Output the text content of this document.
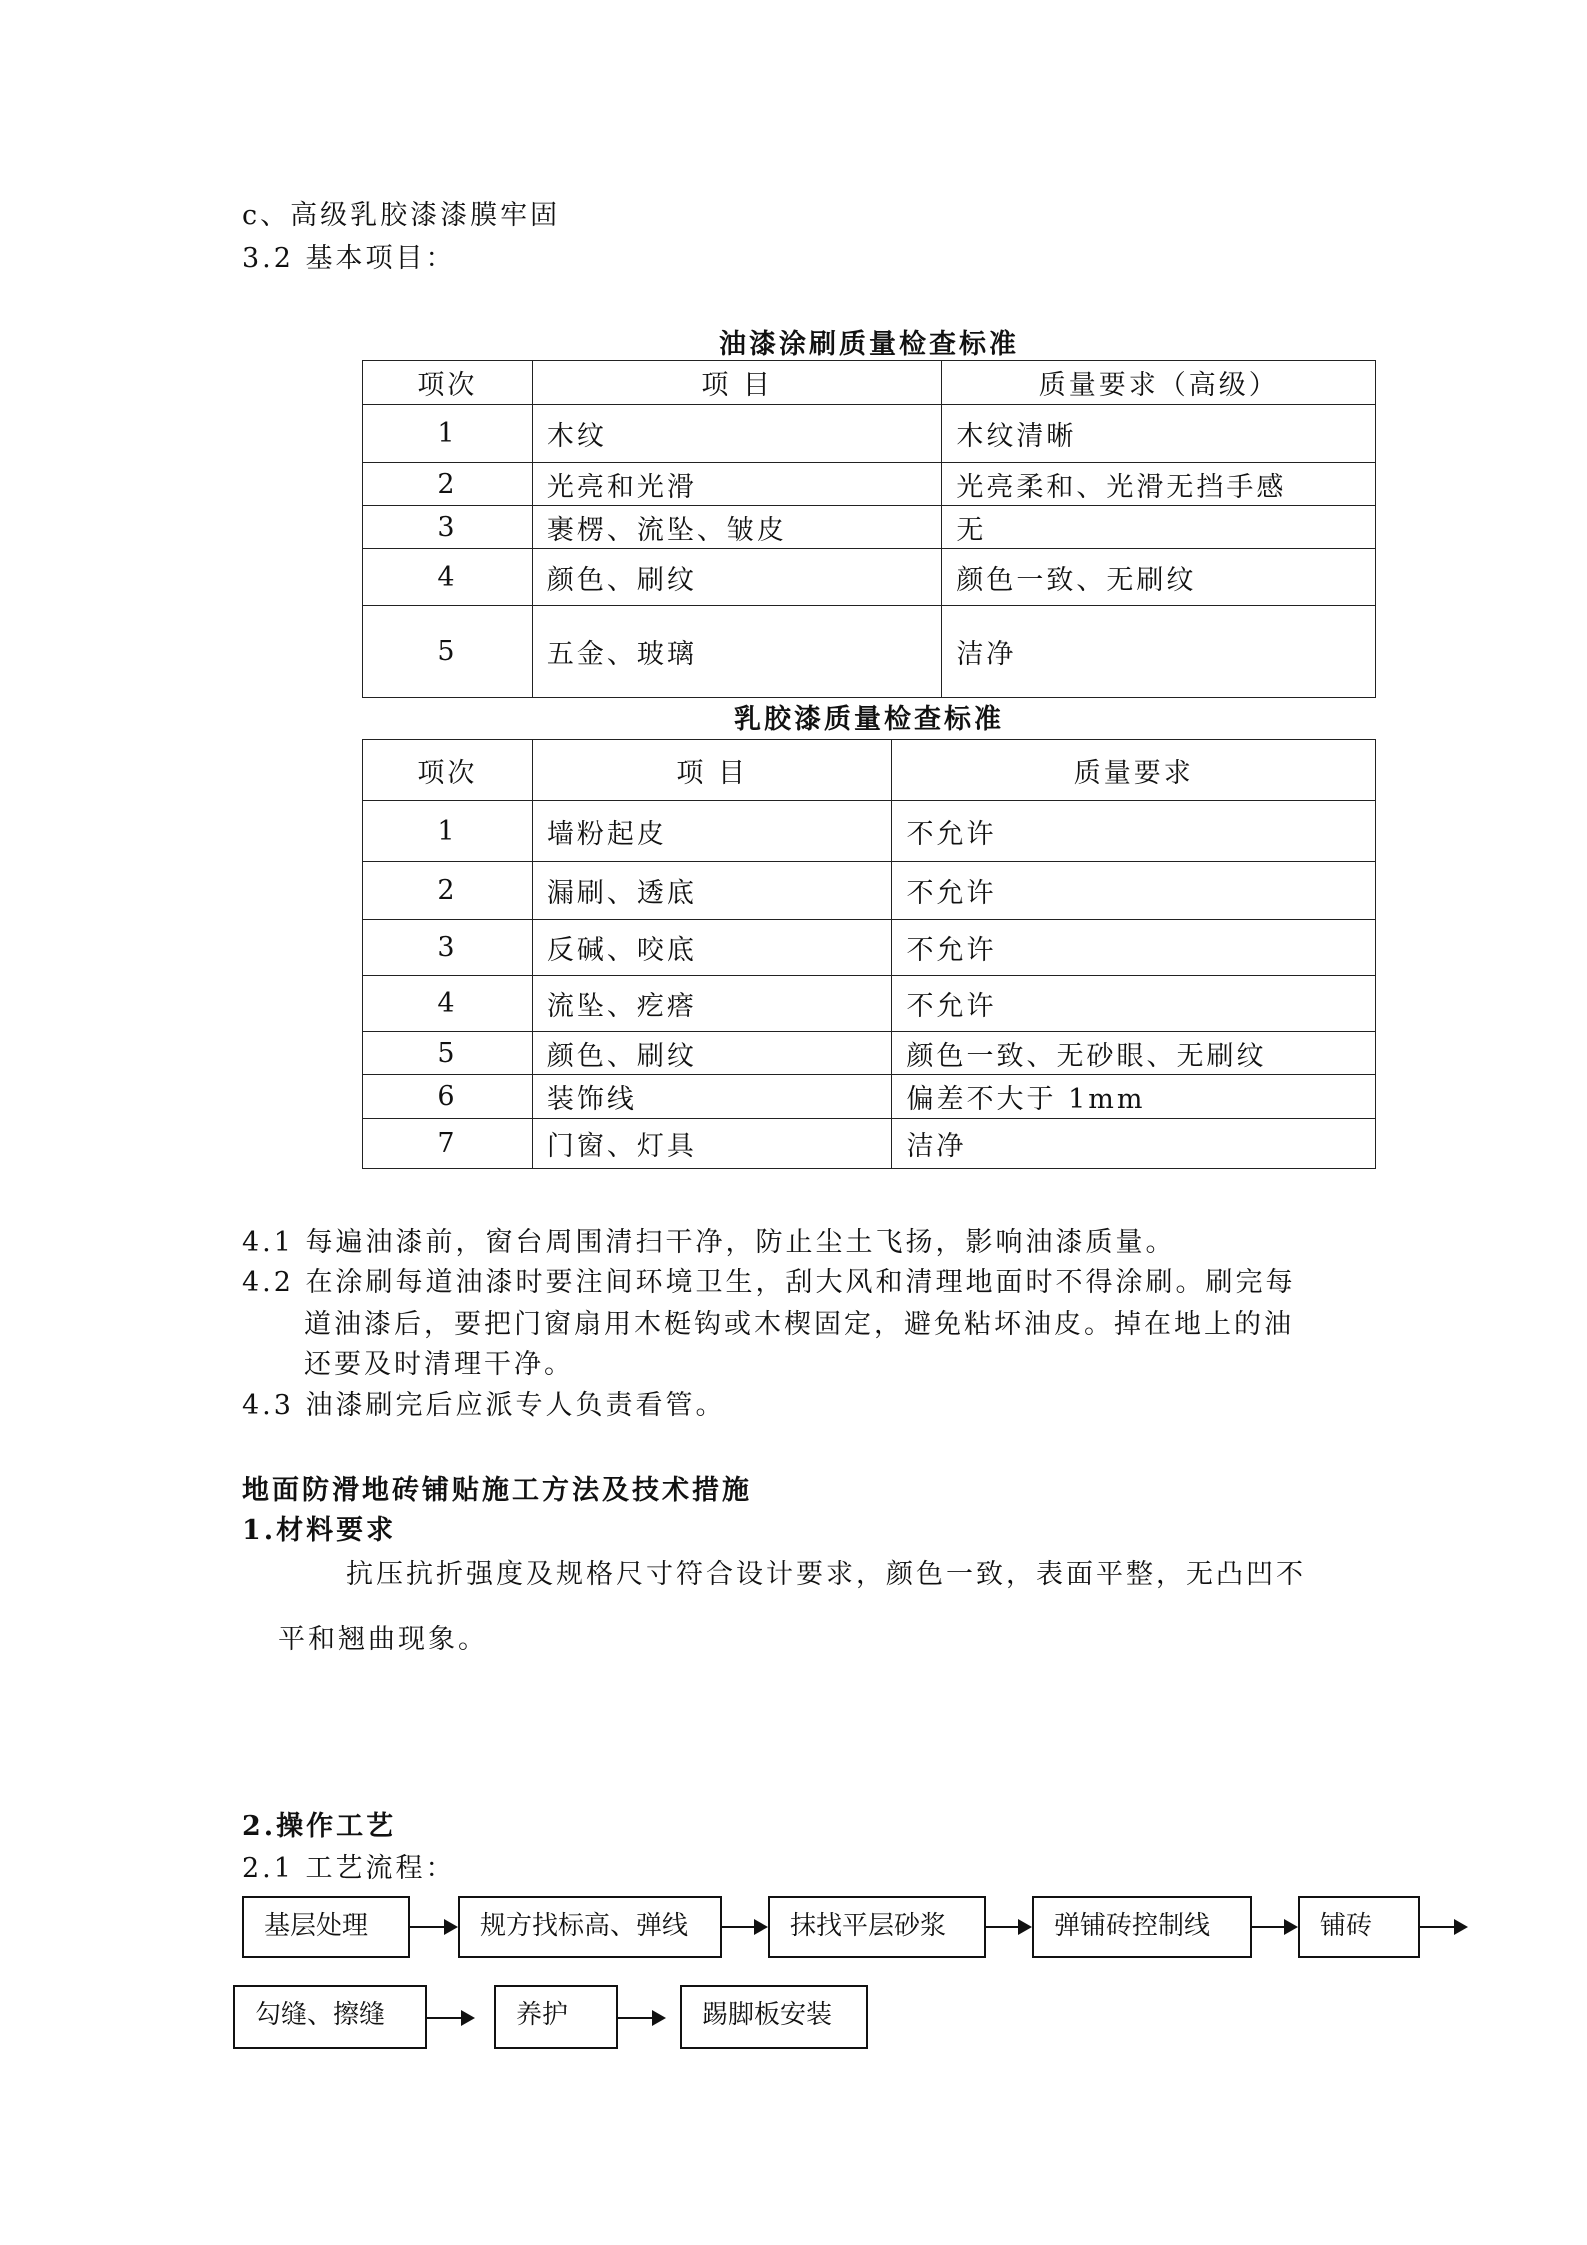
c、高级乳胶漆漆膜牢固
3.2 基本项目：
油漆涂刷质量检查标准
项次	项 目	质量要求（高级）
1	木纹	木纹清晰
2	光亮和光滑	光亮柔和、光滑无挡手感
3	裹楞、流坠、皱皮	无
4	颜色、刷纹	颜色一致、无刷纹
5	五金、玻璃	洁净
乳胶漆质量检查标准
项次	项 目	质量要求
1	墙粉起皮	不允许
2	漏刷、透底	不允许
3	反碱、咬底	不允许
4	流坠、疙瘩	不允许
5	颜色、刷纹	颜色一致、无砂眼、无刷纹
6	装饰线	偏差不大于 1mm
7	门窗、灯具	洁净
4.1 每遍油漆前，窗台周围清扫干净，防止尘土飞扬，影响油漆质量。
4.2 在涂刷每道油漆时要注间环境卫生，刮大风和清理地面时不得涂刷。刷完每
道油漆后，要把门窗扇用木梃钩或木楔固定，避免粘坏油皮。掉在地上的油
还要及时清理干净。
4.3 油漆刷完后应派专人负责看管。
地面防滑地砖铺贴施工方法及技术措施
1.材料要求
抗压抗折强度及规格尺寸符合设计要求，颜色一致，表面平整，无凸凹不
平和翘曲现象。
2.操作工艺
2.1 工艺流程：
基层处理	规方找标高、弹线	抹找平层砂浆	弹铺砖控制线	铺砖
勾缝、擦缝	养护	踢脚板安装
